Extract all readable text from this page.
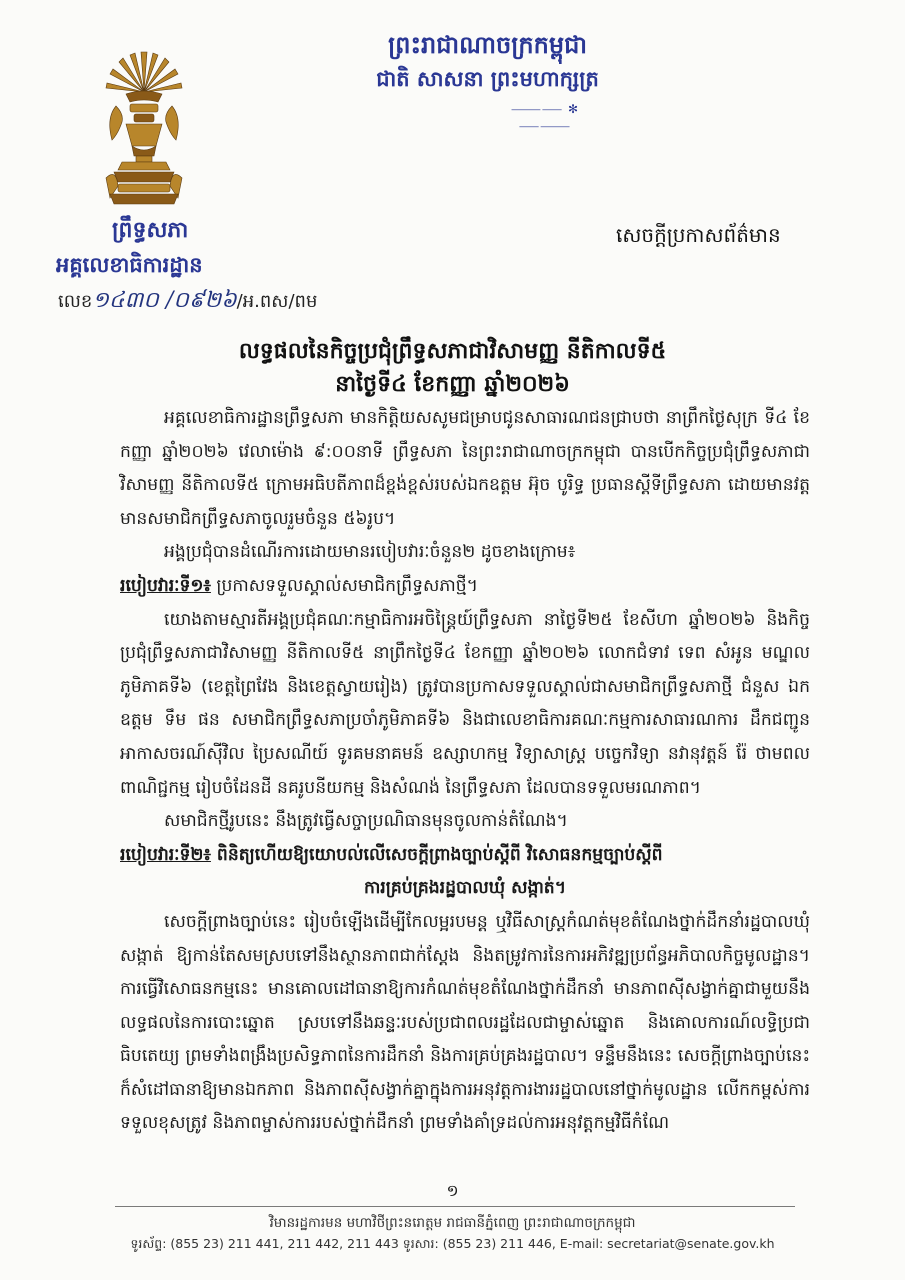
ព្រះរាជាណាចក្រកម្ពុជា
ជាតិ សាសនា ព្រះមហាក្សត្រ
⸻⸺ ✻ ⸺⸻
ព្រឹទ្ធសភា
អគ្គលេខាធិការដ្ឋាន
លេខ១៤៣០ /០៩២៦/អ.ពស/ពម
សេចក្តីប្រកាសព័ត៌មាន
លទ្ធផលនៃកិច្ចប្រជុំព្រឹទ្ធសភាជាវិសាមញ្ញ នីតិកាលទី៥
នាថ្ងៃទី៤ ខែកញ្ញា ឆ្នាំ២០២៦

អគ្គលេខាធិការដ្ឋានព្រឹទ្ធសភា មានកិត្តិយសសូមជម្រាបជូនសាធារណជនជ្រាបថា នាព្រឹកថ្ងៃសុក្រ ទី៤ ខែកញ្ញា ឆ្នាំ២០២៦ វេលាម៉ោង ៩:០០នាទី ព្រឹទ្ធសភា នៃព្រះរាជាណាចក្រកម្ពុជា បានបើកកិច្ចប្រជុំព្រឹទ្ធសភាជាវិសាមញ្ញ នីតិកាលទី៥ ក្រោមអធិបតីភាពដ៏ខ្ពង់ខ្ពស់របស់ឯកឧត្តម អ៊ុច បូរិទ្ធ ប្រធានស្តីទីព្រឹទ្ធសភា ដោយមានវត្តមានសមាជិកព្រឹទ្ធសភាចូលរួមចំនួន ៥៦រូប។

អង្គប្រជុំបានដំណើរការដោយមានរបៀបវារៈចំនួន២ ដូចខាងក្រោម៖

របៀបវារៈទី១៖ ប្រកាសទទួលស្គាល់សមាជិកព្រឹទ្ធសភាថ្មី។

យោងតាមស្មារតីអង្គប្រជុំគណៈកម្មាធិការអចិន្ត្រៃយ៍ព្រឹទ្ធសភា នាថ្ងៃទី២៥ ខែសីហា ឆ្នាំ២០២៦ និងកិច្ចប្រជុំព្រឹទ្ធសភាជាវិសាមញ្ញ នីតិកាលទី៥ នាព្រឹកថ្ងៃទី៤ ខែកញ្ញា ឆ្នាំ២០២៦ លោកជំទាវ ទេព សំអូន មណ្ឌលភូមិភាគទី៦ (ខេត្តព្រៃវែង និងខេត្តស្វាយរៀង) ត្រូវបានប្រកាសទទួលស្គាល់ជាសមាជិកព្រឹទ្ធសភាថ្មី ជំនួស ឯកឧត្តម ទឹម ផន សមាជិកព្រឹទ្ធសភាប្រចាំភូមិភាគទី៦ និងជាលេខាធិការគណៈកម្មការសាធារណការ ដឹកជញ្ជូន អាកាសចរណ៍ស៊ីវិល ប្រៃសណីយ៍ ទូរគមនាគមន៍ ឧស្សាហកម្ម វិទ្យាសាស្ត្រ បច្ចេកវិទ្យា នវានុវត្តន៍ រ៉ែ ថាមពល ពាណិជ្ជកម្ម រៀបចំដែនដី នគរូបនីយកម្ម និងសំណង់ នៃព្រឹទ្ធសភា ដែលបានទទួលមរណភាព។

សមាជិកថ្មីរូបនេះ នឹងត្រូវធ្វើសច្ចាប្រណិធានមុនចូលកាន់តំណែង។

របៀបវារៈទី២៖ ពិនិត្យហើយឱ្យយោបល់លើសេចក្តីព្រាងច្បាប់ស្តីពី វិសោធនកម្មច្បាប់ស្តីពី

ការគ្រប់គ្រងរដ្ឋបាលឃុំ សង្កាត់។

សេចក្តីព្រាងច្បាប់នេះ រៀបចំឡើងដើម្បីកែលម្អរបមន្ត ឬវិធីសាស្ត្រកំណត់មុខតំណែងថ្នាក់ដឹកនាំរដ្ឋបាលឃុំ សង្កាត់ ឱ្យកាន់តែសមស្របទៅនឹងស្ថានភាពជាក់ស្តែង និងតម្រូវការនៃការអភិវឌ្ឍប្រព័ន្ធអភិបាលកិច្ចមូលដ្ឋាន។ ការធ្វើវិសោធនកម្មនេះ មានគោលដៅធានាឱ្យការកំណត់មុខតំណែងថ្នាក់ដឹកនាំ មានភាពស៊ីសង្វាក់គ្នាជាមួយនឹងលទ្ធផលនៃការបោះឆ្នោត ស្របទៅនឹងឆន្ទៈរបស់ប្រជាពលរដ្ឋដែលជាម្ចាស់ឆ្នោត និងគោលការណ៍លទ្ធិប្រជាធិបតេយ្យ ព្រមទាំងពង្រឹងប្រសិទ្ធភាពនៃការដឹកនាំ និងការគ្រប់គ្រងរដ្ឋបាល។ ទន្ទឹមនឹងនេះ សេចក្តីព្រាងច្បាប់នេះ ក៏សំដៅធានាឱ្យមានឯកភាព និងភាពស៊ីសង្វាក់គ្នាក្នុងការអនុវត្តការងាររដ្ឋបាលនៅថ្នាក់មូលដ្ឋាន លើកកម្ពស់ការទទួលខុសត្រូវ និងភាពម្ចាស់ការរបស់ថ្នាក់ដឹកនាំ ព្រមទាំងគាំទ្រដល់ការអនុវត្តកម្មវិធីកំណែ

១
វិមានរដ្ឋការមន មហាវិថីព្រះនរោត្តម រាជធានីភ្នំពេញ ព្រះរាជាណាចក្រកម្ពុជា
ទូរស័ព្ទ: (855 23) 211 441, 211 442, 211 443 ទូរសារ: (855 23) 211 446, E-mail: secretariat@senate.gov.kh
